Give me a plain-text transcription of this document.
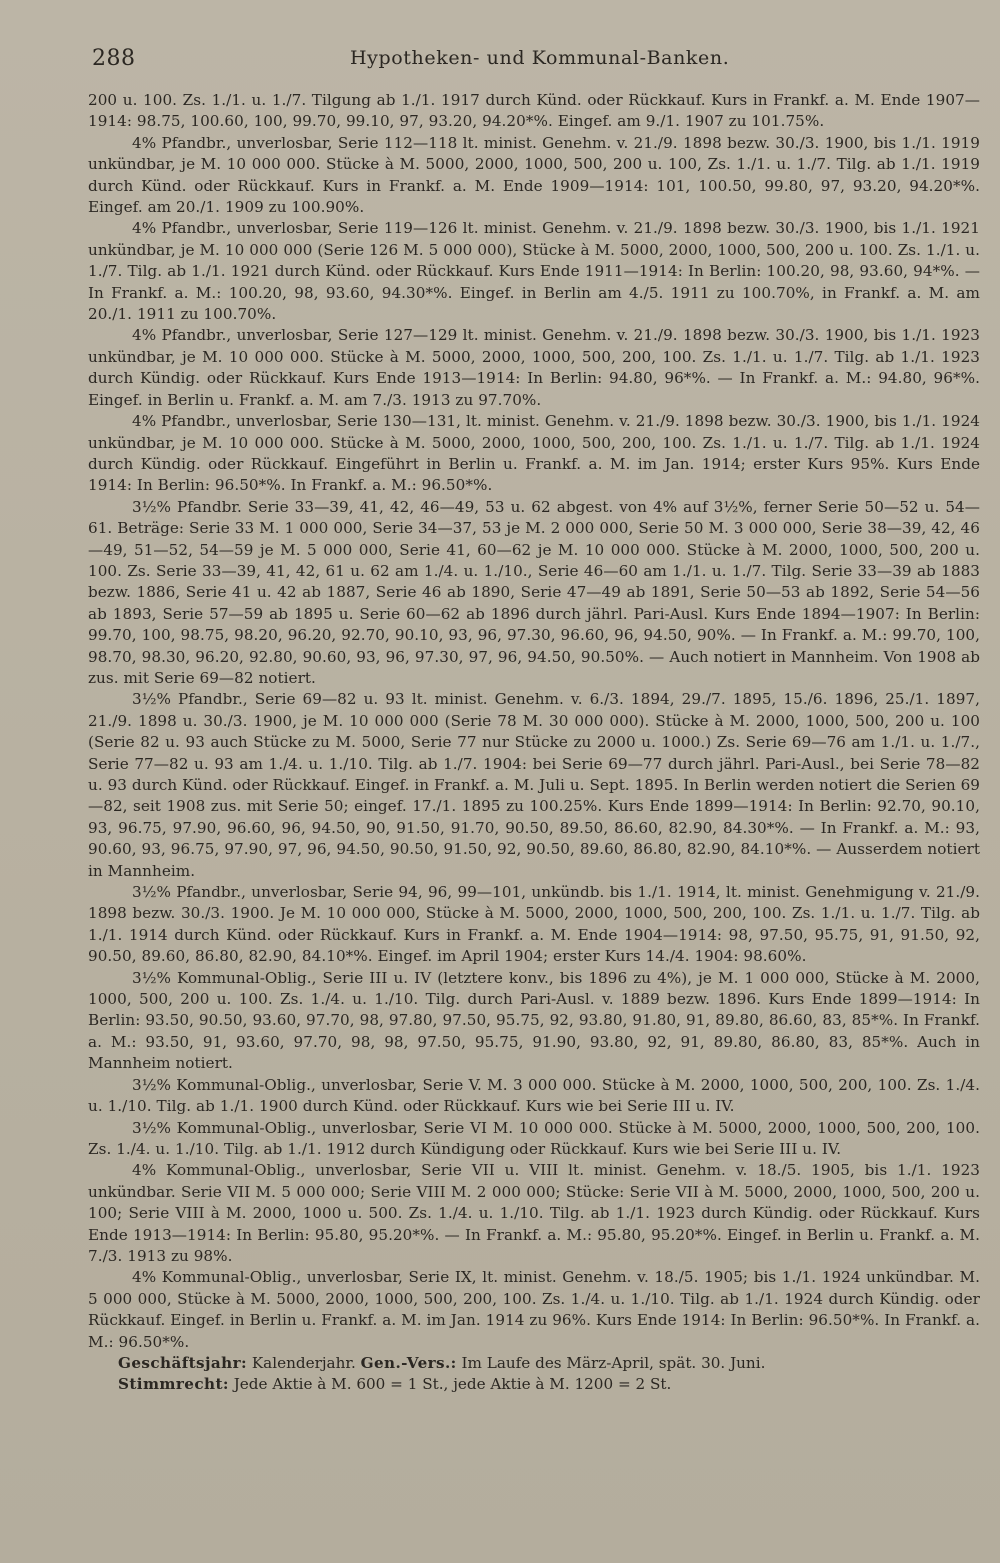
288	Hypotheken- und Kommunal-Banken.

200 u. 100. Zs. 1./1. u. 1./7. Tilgung ab 1./1. 1917 durch Künd. oder Rückkauf. Kurs in Frankf. a. M. Ende 1907—1914: 98.75, 100.60, 100, 99.70, 99.10, 97, 93.20, 94.20*%. Eingef. am 9./1. 1907 zu 101.75%.

4% Pfandbr., unverlosbar, Serie 112—118 lt. minist. Genehm. v. 21./9. 1898 bezw. 30./3. 1900, bis 1./1. 1919 unkündbar, je M. 10 000 000. Stücke à M. 5000, 2000, 1000, 500, 200 u. 100, Zs. 1./1. u. 1./7. Tilg. ab 1./1. 1919 durch Künd. oder Rückkauf. Kurs in Frankf. a. M. Ende 1909—1914: 101, 100.50, 99.80, 97, 93.20, 94.20*%. Eingef. am 20./1. 1909 zu 100.90%.

4% Pfandbr., unverlosbar, Serie 119—126 lt. minist. Genehm. v. 21./9. 1898 bezw. 30./3. 1900, bis 1./1. 1921 unkündbar, je M. 10 000 000 (Serie 126 M. 5 000 000), Stücke à M. 5000, 2000, 1000, 500, 200 u. 100. Zs. 1./1. u. 1./7. Tilg. ab 1./1. 1921 durch Künd. oder Rückkauf. Kurs Ende 1911—1914: In Berlin: 100.20, 98, 93.60, 94*%. — In Frankf. a. M.: 100.20, 98, 93.60, 94.30*%. Eingef. in Berlin am 4./5. 1911 zu 100.70%, in Frankf. a. M. am 20./1. 1911 zu 100.70%.

4% Pfandbr., unverlosbar, Serie 127—129 lt. minist. Genehm. v. 21./9. 1898 bezw. 30./3. 1900, bis 1./1. 1923 unkündbar, je M. 10 000 000. Stücke à M. 5000, 2000, 1000, 500, 200, 100. Zs. 1./1. u. 1./7. Tilg. ab 1./1. 1923 durch Kündig. oder Rückkauf. Kurs Ende 1913—1914: In Berlin: 94.80, 96*%. — In Frankf. a. M.: 94.80, 96*%. Eingef. in Berlin u. Frankf. a. M. am 7./3. 1913 zu 97.70%.

4% Pfandbr., unverlosbar, Serie 130—131, lt. minist. Genehm. v. 21./9. 1898 bezw. 30./3. 1900, bis 1./1. 1924 unkündbar, je M. 10 000 000. Stücke à M. 5000, 2000, 1000, 500, 200, 100. Zs. 1./1. u. 1./7. Tilg. ab 1./1. 1924 durch Kündig. oder Rückkauf. Eingeführt in Berlin u. Frankf. a. M. im Jan. 1914; erster Kurs 95%. Kurs Ende 1914: In Berlin: 96.50*%. In Frankf. a. M.: 96.50*%.

3½% Pfandbr. Serie 33—39, 41, 42, 46—49, 53 u. 62 abgest. von 4% auf 3½%, ferner Serie 50—52 u. 54—61. Beträge: Serie 33 M. 1 000 000, Serie 34—37, 53 je M. 2 000 000, Serie 50 M. 3 000 000, Serie 38—39, 42, 46—49, 51—52, 54—59 je M. 5 000 000, Serie 41, 60—62 je M. 10 000 000. Stücke à M. 2000, 1000, 500, 200 u. 100. Zs. Serie 33—39, 41, 42, 61 u. 62 am 1./4. u. 1./10., Serie 46—60 am 1./1. u. 1./7. Tilg. Serie 33—39 ab 1883 bezw. 1886, Serie 41 u. 42 ab 1887, Serie 46 ab 1890, Serie 47—49 ab 1891, Serie 50—53 ab 1892, Serie 54—56 ab 1893, Serie 57—59 ab 1895 u. Serie 60—62 ab 1896 durch jährl. Pari-Ausl. Kurs Ende 1894—1907: In Berlin: 99.70, 100, 98.75, 98.20, 96.20, 92.70, 90.10, 93, 96, 97.30, 96.60, 96, 94.50, 90%. — In Frankf. a. M.: 99.70, 100, 98.70, 98.30, 96.20, 92.80, 90.60, 93, 96, 97.30, 97, 96, 94.50, 90.50%. — Auch notiert in Mannheim. Von 1908 ab zus. mit Serie 69—82 notiert.

3½% Pfandbr., Serie 69—82 u. 93 lt. minist. Genehm. v. 6./3. 1894, 29./7. 1895, 15./6. 1896, 25./1. 1897, 21./9. 1898 u. 30./3. 1900, je M. 10 000 000 (Serie 78 M. 30 000 000). Stücke à M. 2000, 1000, 500, 200 u. 100 (Serie 82 u. 93 auch Stücke zu M. 5000, Serie 77 nur Stücke zu 2000 u. 1000.) Zs. Serie 69—76 am 1./1. u. 1./7., Serie 77—82 u. 93 am 1./4. u. 1./10. Tilg. ab 1./7. 1904: bei Serie 69—77 durch jährl. Pari-Ausl., bei Serie 78—82 u. 93 durch Künd. oder Rückkauf. Eingef. in Frankf. a. M. Juli u. Sept. 1895. In Berlin werden notiert die Serien 69—82, seit 1908 zus. mit Serie 50; eingef. 17./1. 1895 zu 100.25%. Kurs Ende 1899—1914: In Berlin: 92.70, 90.10, 93, 96.75, 97.90, 96.60, 96, 94.50, 90, 91.50, 91.70, 90.50, 89.50, 86.60, 82.90, 84.30*%. — In Frankf. a. M.: 93, 90.60, 93, 96.75, 97.90, 97, 96, 94.50, 90.50, 91.50, 92, 90.50, 89.60, 86.80, 82.90, 84.10*%. — Ausserdem notiert in Mannheim.

3½% Pfandbr., unverlosbar, Serie 94, 96, 99—101, unkündb. bis 1./1. 1914, lt. minist. Genehmigung v. 21./9. 1898 bezw. 30./3. 1900. Je M. 10 000 000, Stücke à M. 5000, 2000, 1000, 500, 200, 100. Zs. 1./1. u. 1./7. Tilg. ab 1./1. 1914 durch Künd. oder Rückkauf. Kurs in Frankf. a. M. Ende 1904—1914: 98, 97.50, 95.75, 91, 91.50, 92, 90.50, 89.60, 86.80, 82.90, 84.10*%. Eingef. im April 1904; erster Kurs 14./4. 1904: 98.60%.

3½% Kommunal-Oblig., Serie III u. IV (letztere konv., bis 1896 zu 4%), je M. 1 000 000, Stücke à M. 2000, 1000, 500, 200 u. 100. Zs. 1./4. u. 1./10. Tilg. durch Pari-Ausl. v. 1889 bezw. 1896. Kurs Ende 1899—1914: In Berlin: 93.50, 90.50, 93.60, 97.70, 98, 97.80, 97.50, 95.75, 92, 93.80, 91.80, 91, 89.80, 86.60, 83, 85*%. In Frankf. a. M.: 93.50, 91, 93.60, 97.70, 98, 98, 97.50, 95.75, 91.90, 93.80, 92, 91, 89.80, 86.80, 83, 85*%. Auch in Mannheim notiert.

3½% Kommunal-Oblig., unverlosbar, Serie V. M. 3 000 000. Stücke à M. 2000, 1000, 500, 200, 100. Zs. 1./4. u. 1./10. Tilg. ab 1./1. 1900 durch Künd. oder Rückkauf. Kurs wie bei Serie III u. IV.

3½% Kommunal-Oblig., unverlosbar, Serie VI M. 10 000 000. Stücke à M. 5000, 2000, 1000, 500, 200, 100. Zs. 1./4. u. 1./10. Tilg. ab 1./1. 1912 durch Kündigung oder Rückkauf. Kurs wie bei Serie III u. IV.

4% Kommunal-Oblig., unverlosbar, Serie VII u. VIII lt. minist. Genehm. v. 18./5. 1905, bis 1./1. 1923 unkündbar. Serie VII M. 5 000 000; Serie VIII M. 2 000 000; Stücke: Serie VII à M. 5000, 2000, 1000, 500, 200 u. 100; Serie VIII à M. 2000, 1000 u. 500. Zs. 1./4. u. 1./10. Tilg. ab 1./1. 1923 durch Kündig. oder Rückkauf. Kurs Ende 1913—1914: In Berlin: 95.80, 95.20*%. — In Frankf. a. M.: 95.80, 95.20*%. Eingef. in Berlin u. Frankf. a. M. 7./3. 1913 zu 98%.

4% Kommunal-Oblig., unverlosbar, Serie IX, lt. minist. Genehm. v. 18./5. 1905; bis 1./1. 1924 unkündbar. M. 5 000 000, Stücke à M. 5000, 2000, 1000, 500, 200, 100. Zs. 1./4. u. 1./10. Tilg. ab 1./1. 1924 durch Kündig. oder Rückkauf. Eingef. in Berlin u. Frankf. a. M. im Jan. 1914 zu 96%. Kurs Ende 1914: In Berlin: 96.50*%. In Frankf. a. M.: 96.50*%.

Geschäftsjahr: Kalenderjahr. Gen.-Vers.: Im Laufe des März-April, spät. 30. Juni.
Stimmrecht: Jede Aktie à M. 600 = 1 St., jede Aktie à M. 1200 = 2 St.
